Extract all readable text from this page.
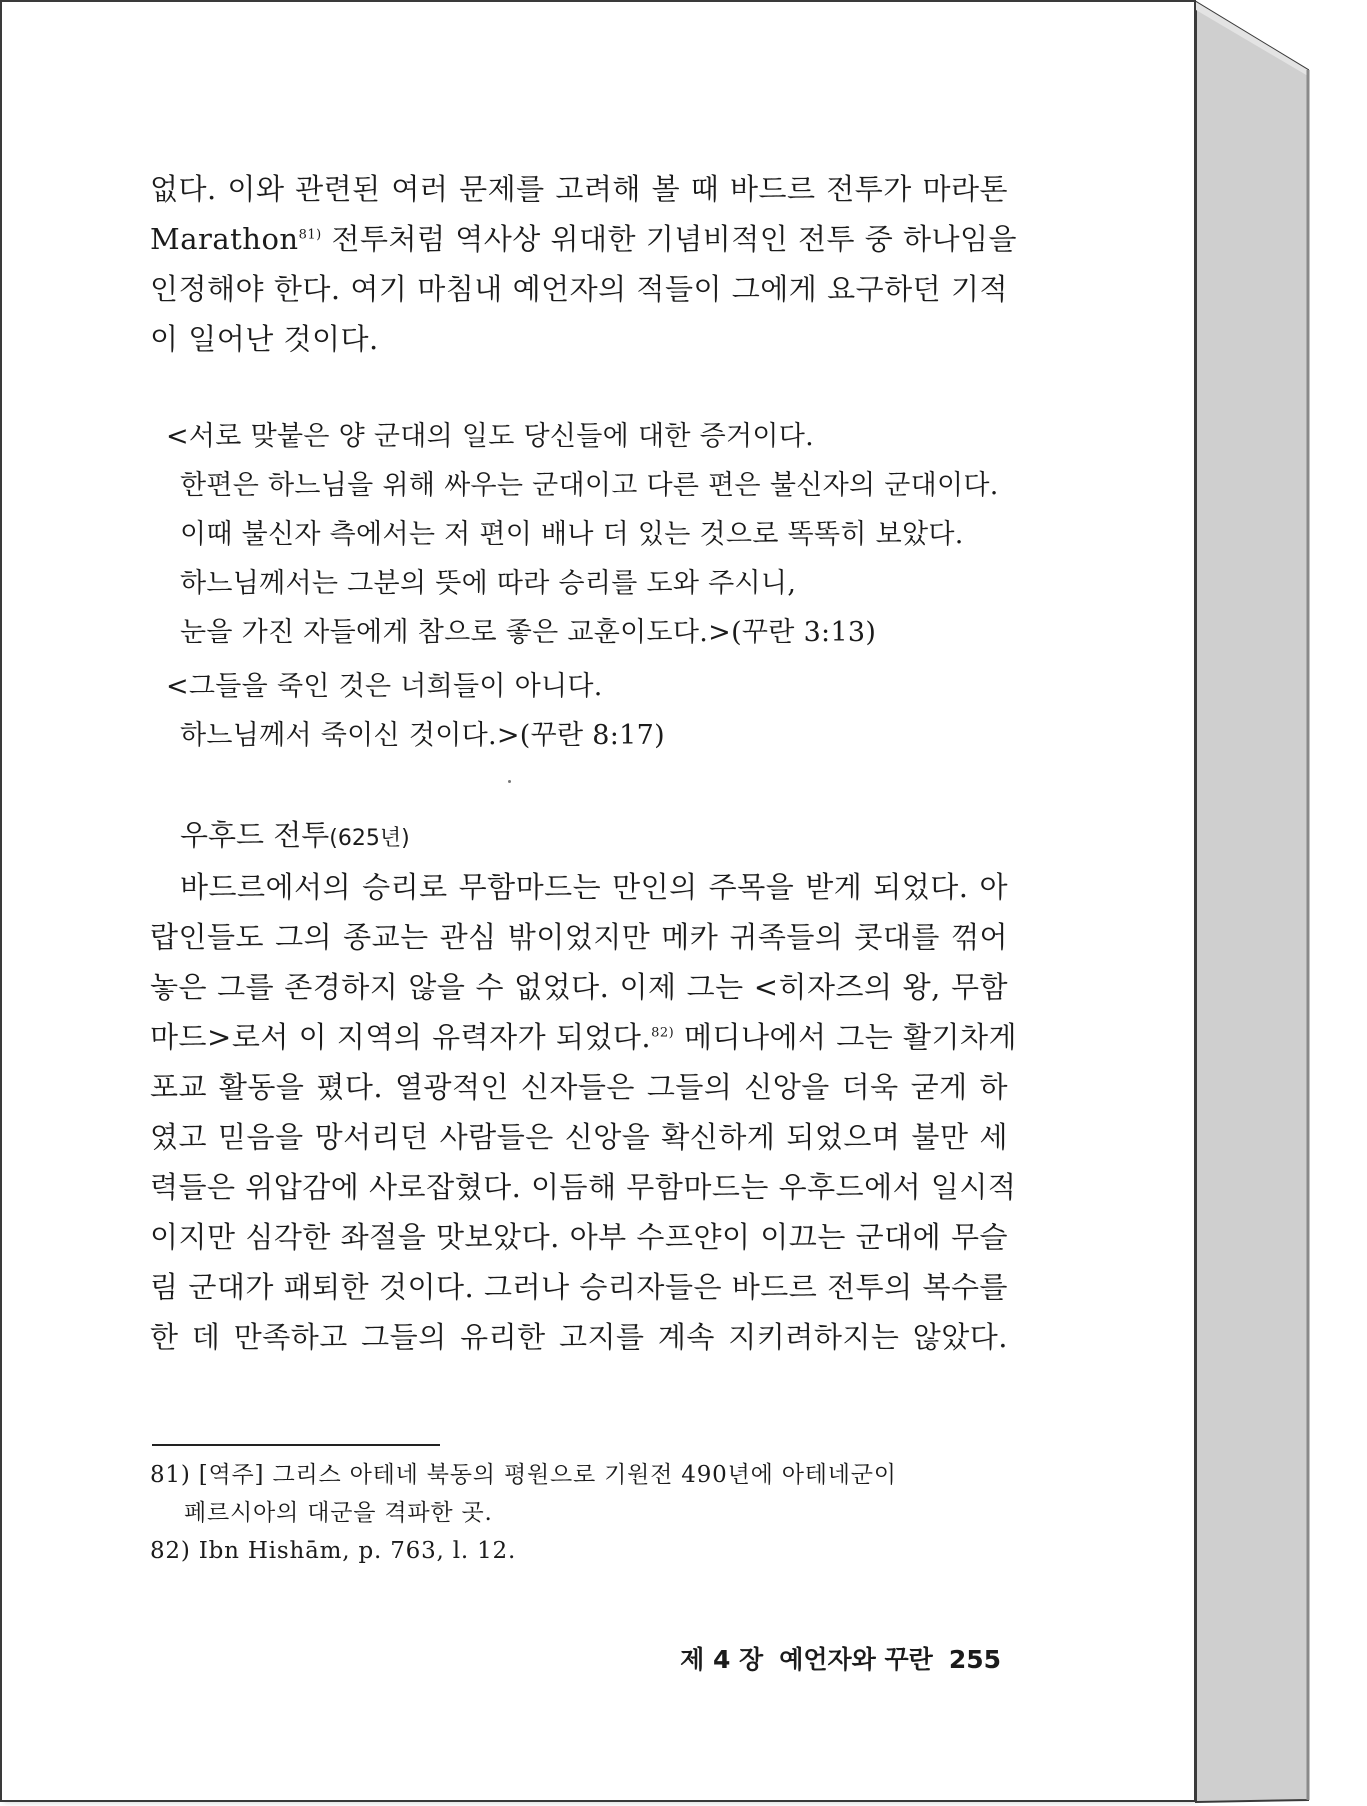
없다. 이와 관련된 여러 문제를 고려해 볼 때 바드르 전투가 마라톤
Marathon$^{81)}$ 전투처럼 역사상 위대한 기념비적인 전투 중 하나임을
인정해야 한다. 여기 마침내 예언자의 적들이 그에게 요구하던 기적
이 일어난 것이다.
<서로 맞붙은 양 군대의 일도 당신들에 대한 증거이다.
한편은 하느님을 위해 싸우는 군대이고 다른 편은 불신자의 군대이다.
이때 불신자 측에서는 저 편이 배나 더 있는 것으로 똑똑히 보았다.
하느님께서는 그분의 뜻에 따라 승리를 도와 주시니,
눈을 가진 자들에게 참으로 좋은 교훈이도다.>(꾸란 3:13)
<그들을 죽인 것은 너희들이 아니다.
하느님께서 죽이신 것이다.>(꾸란 8:17)
우후드 전투(625년)
바드르에서의 승리로 무함마드는 만인의 주목을 받게 되었다. 아
랍인들도 그의 종교는 관심 밖이었지만 메카 귀족들의 콧대를 꺾어
놓은 그를 존경하지 않을 수 없었다. 이제 그는 <히자즈의 왕, 무함
마드>로서 이 지역의 유력자가 되었다.$^{82)}$ 메디나에서 그는 활기차게
포교 활동을 폈다. 열광적인 신자들은 그들의 신앙을 더욱 굳게 하
였고 믿음을 망서리던 사람들은 신앙을 확신하게 되었으며 불만 세
력들은 위압감에 사로잡혔다. 이듬해 무함마드는 우후드에서 일시적
이지만 심각한 좌절을 맛보았다. 아부 수프얀이 이끄는 군대에 무슬
림 군대가 패퇴한 것이다. 그러나 승리자들은 바드르 전투의 복수를
한 데 만족하고 그들의 유리한 고지를 계속 지키려하지는 않았다.
81) [역주] 그리스 아테네 북동의 평원으로 기원전 490년에 아테네군이
페르시아의 대군을 격파한 곳.
82) Ibn Hishām, p. 763, l. 12.
제 4 장 예언자와 꾸란 255
